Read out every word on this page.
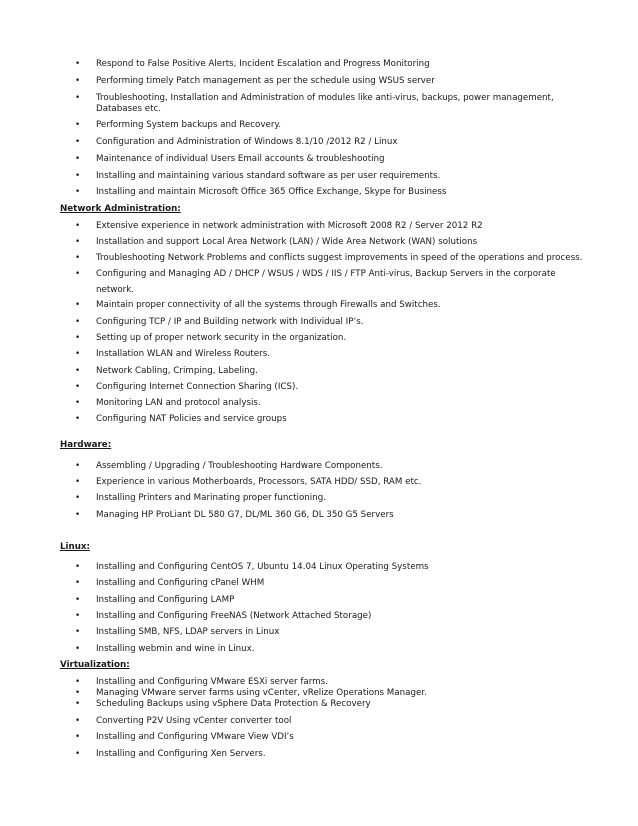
• Respond to False Positive Alerts, Incident Escalation and Progress Monitoring
• Performing timely Patch management as per the schedule using WSUS server
• Troubleshooting, Installation and Administration of modules like anti-virus, backups, power management,
Databases etc.
• Performing System backups and Recovery.
• Configuration and Administration of Windows 8.1/10 /2012 R2 / Linux
• Maintenance of individual Users Email accounts & troubleshooting
• Installing and maintaining various standard software as per user requirements.
• Installing and maintain Microsoft Office 365 Office Exchange, Skype for Business
Network Administration:
• Extensive experience in network administration with Microsoft 2008 R2 / Server 2012 R2
• Installation and support Local Area Network (LAN) / Wide Area Network (WAN) solutions
• Troubleshooting Network Problems and conflicts suggest improvements in speed of the operations and process.
• Configuring and Managing AD / DHCP / WSUS / WDS / IIS / FTP Anti-virus, Backup Servers in the corporate
network.
• Maintain proper connectivity of all the systems through Firewalls and Switches.
• Configuring TCP / IP and Building network with Individual IP’s.
• Setting up of proper network security in the organization.
• Installation WLAN and Wireless Routers.
• Network Cabling, Crimping, Labeling.
• Configuring Internet Connection Sharing (ICS).
• Monitoring LAN and protocol analysis.
• Configuring NAT Policies and service groups
Hardware:
• Assembling / Upgrading / Troubleshooting Hardware Components.
• Experience in various Motherboards, Processors, SATA HDD/ SSD, RAM etc.
• Installing Printers and Marinating proper functioning.
• Managing HP ProLiant DL 580 G7, DL/ML 360 G6, DL 350 G5 Servers
Linux:
• Installing and Configuring CentOS 7, Ubuntu 14.04 Linux Operating Systems
• Installing and Configuring cPanel WHM
• Installing and Configuring LAMP
• Installing and Configuring FreeNAS (Network Attached Storage)
• Installing SMB, NFS, LDAP servers in Linux
• Installing webmin and wine in Linux.
Virtualization:
• Installing and Configuring VMware ESXi server farms.
• Managing VMware server farms using vCenter, vRelize Operations Manager.
• Scheduling Backups using vSphere Data Protection & Recovery
• Converting P2V Using vCenter converter tool
• Installing and Configuring VMware View VDI’s
• Installing and Configuring Xen Servers.
